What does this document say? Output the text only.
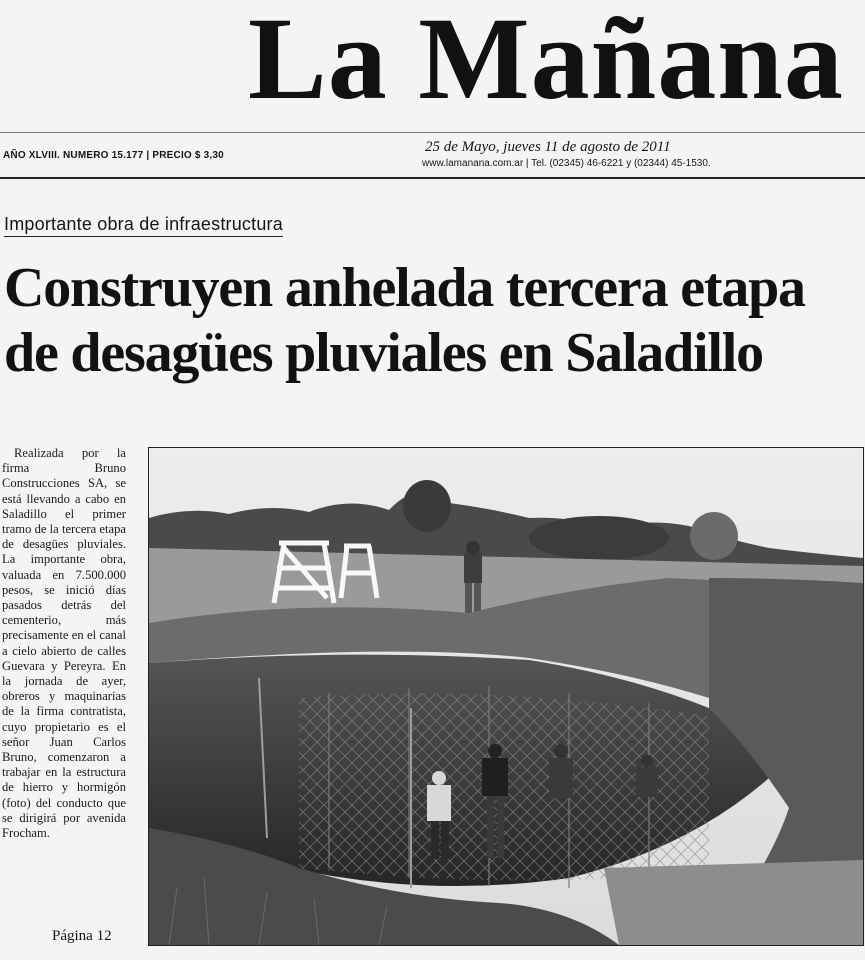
La Mañana
AÑO XLVIII. NUMERO 15.177 | PRECIO $ 3,30
25 de Mayo, jueves 11 de agosto de 2011
www.lamanana.com.ar | Tel. (02345) 46-6221 y (02344) 45-1530.
Importante obra de infraestructura
Construyen anhelada tercera etapa
de desagües pluviales en Saladillo
Realizada por la firma Bruno Construcciones SA, se está llevando a cabo en Saladillo el primer tramo de la tercera etapa de desagües pluviales. La importante obra, valuada en 7.500.000 pesos, se inició días pasados detrás del cementerio, más precisamente en el canal a cielo abierto de calles Guevara y Pereyra. En la jornada de ayer, obreros y maquinarias de la firma contratista, cuyo propietario es el señor Juan Carlos Bruno, comenzaron a trabajar en la estructura de hierro y hormigón (foto) del conducto que se dirigirá por avenida Frocham.
Página 12
